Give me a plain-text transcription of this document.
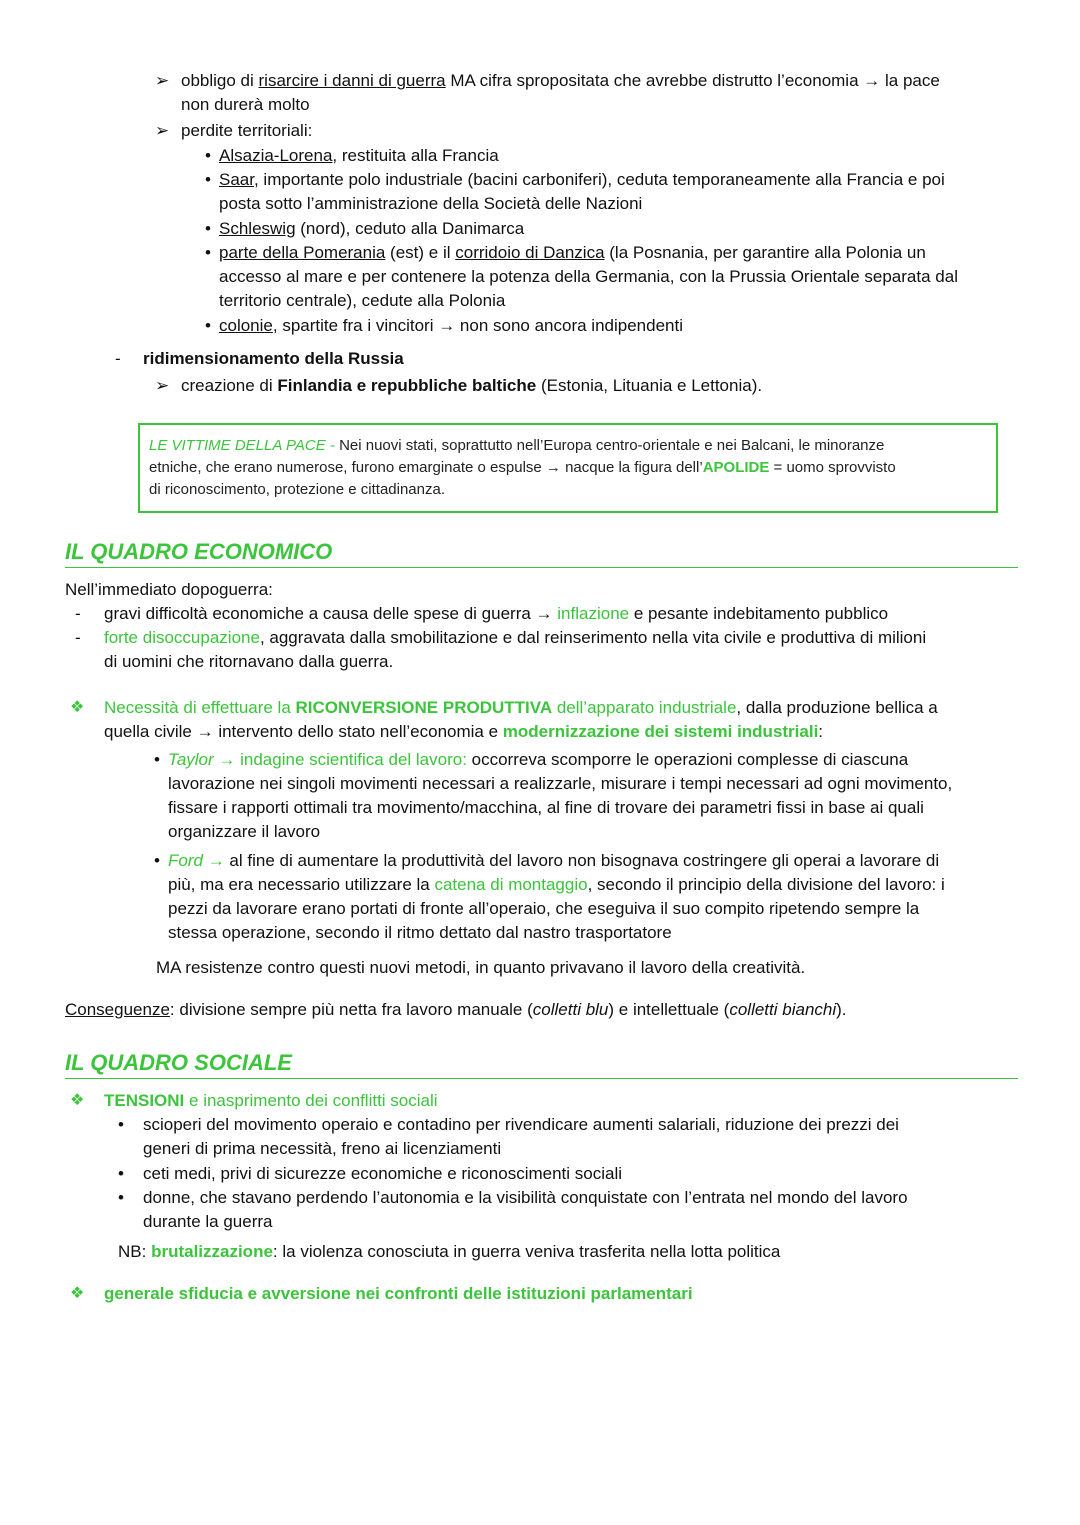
➢ obbligo di risarcire i danni di guerra MA cifra spropositata che avrebbe distrutto l’economia → la pace
non durerà molto
➢ perdite territoriali:
• Alsazia-Lorena, restituita alla Francia
• Saar, importante polo industriale (bacini carboniferi), ceduta temporaneamente alla Francia e poi
posta sotto l’amministrazione della Società delle Nazioni
• Schleswig (nord), ceduto alla Danimarca
• parte della Pomerania (est) e il corridoio di Danzica (la Posnania, per garantire alla Polonia un
accesso al mare e per contenere la potenza della Germania, con la Prussia Orientale separata dal
territorio centrale), cedute alla Polonia
• colonie, spartite fra i vincitori → non sono ancora indipendenti
- ridimensionamento della Russia
➢ creazione di Finlandia e repubbliche baltiche (Estonia, Lituania e Lettonia).
LE VITTIME DELLA PACE - Nei nuovi stati, soprattutto nell’Europa centro-orientale e nei Balcani, le minoranze
etniche, che erano numerose, furono emarginate o espulse → nacque la figura dell’APOLIDE = uomo sprovvisto
di riconoscimento, protezione e cittadinanza.
IL QUADRO ECONOMICO
Nell’immediato dopoguerra:
- gravi difficoltà economiche a causa delle spese di guerra → inflazione e pesante indebitamento pubblico
- forte disoccupazione, aggravata dalla smobilitazione e dal reinserimento nella vita civile e produttiva di milioni
di uomini che ritornavano dalla guerra.
❖ Necessità di effettuare la RICONVERSIONE PRODUTTIVA dell’apparato industriale, dalla produzione bellica a
quella civile → intervento dello stato nell’economia e modernizzazione dei sistemi industriali:
• Taylor → indagine scientifica del lavoro: occorreva scomporre le operazioni complesse di ciascuna
lavorazione nei singoli movimenti necessari a realizzarle, misurare i tempi necessari ad ogni movimento,
fissare i rapporti ottimali tra movimento/macchina, al fine di trovare dei parametri fissi in base ai quali
organizzare il lavoro
• Ford → al fine di aumentare la produttività del lavoro non bisognava costringere gli operai a lavorare di
più, ma era necessario utilizzare la catena di montaggio, secondo il principio della divisione del lavoro: i
pezzi da lavorare erano portati di fronte all’operaio, che eseguiva il suo compito ripetendo sempre la
stessa operazione, secondo il ritmo dettato dal nastro trasportatore
MA resistenze contro questi nuovi metodi, in quanto privavano il lavoro della creatività.
Conseguenze: divisione sempre più netta fra lavoro manuale (colletti blu) e intellettuale (colletti bianchi).
IL QUADRO SOCIALE
❖ TENSIONI e inasprimento dei conflitti sociali
• scioperi del movimento operaio e contadino per rivendicare aumenti salariali, riduzione dei prezzi dei
generi di prima necessità, freno ai licenziamenti
• ceti medi, privi di sicurezze economiche e riconoscimenti sociali
• donne, che stavano perdendo l’autonomia e la visibilità conquistate con l’entrata nel mondo del lavoro
durante la guerra
NB: brutalizzazione: la violenza conosciuta in guerra veniva trasferita nella lotta politica
❖ generale sfiducia e avversione nei confronti delle istituzioni parlamentari
